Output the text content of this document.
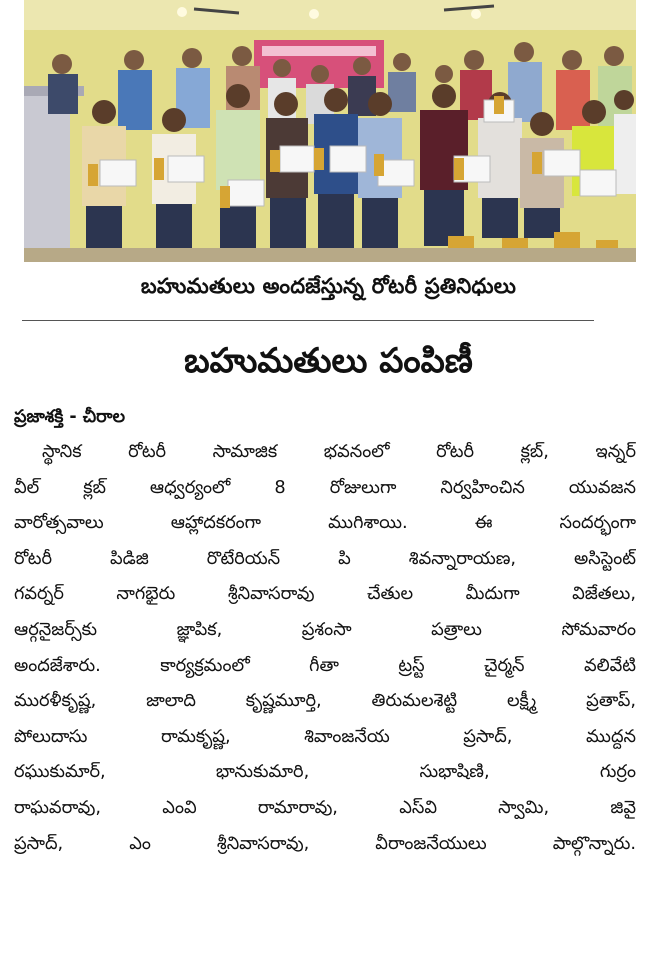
బహుమతులు అందజేస్తున్న రోటరీ ప్రతినిధులు
బహుమతులు పంపిణీ
ప్రజాశక్తి - చీరాల
స్థానిక రోటరీ సామాజిక భవనంలో రోటరీ క్లబ్, ఇన్నర్
వీల్ క్లబ్ ఆధ్వర్యంలో 8 రోజులుగా నిర్వహించిన యువజన
వారోత్సవాలు ఆహ్లాదకరంగా ముగిశాయి. ఈ సందర్భంగా
రోటరీ పిడిజి రొటేరియన్ పి శివన్నారాయణ, అసిస్టెంట్
గవర్నర్ నాగభైరు శ్రీనివాసరావు చేతుల మీదుగా విజేతలు,
ఆర్గనైజర్స్‌కు జ్ఞాపిక, ప్రశంసా పత్రాలు సోమవారం
అందజేశారు. కార్యక్రమంలో గీతా ట్రస్ట్ చైర్మన్ వలివేటి
మురళీకృష్ణ, జాలాది కృష్ణమూర్తి, తిరుమలశెట్టి లక్ష్మీ ప్రతాప్,
పోలుదాసు రామకృష్ణ, శివాంజనేయ ప్రసాద్, ముద్దన
రఘుకుమార్, భానుకుమారి, సుభాషిణి, గుర్రం
రాఘవరావు, ఎంవి రామారావు, ఎస్‌వి స్వామి, జివై
ప్రసాద్, ఎం శ్రీనివాసరావు, వీరాంజనేయులు పాల్గొన్నారు.
